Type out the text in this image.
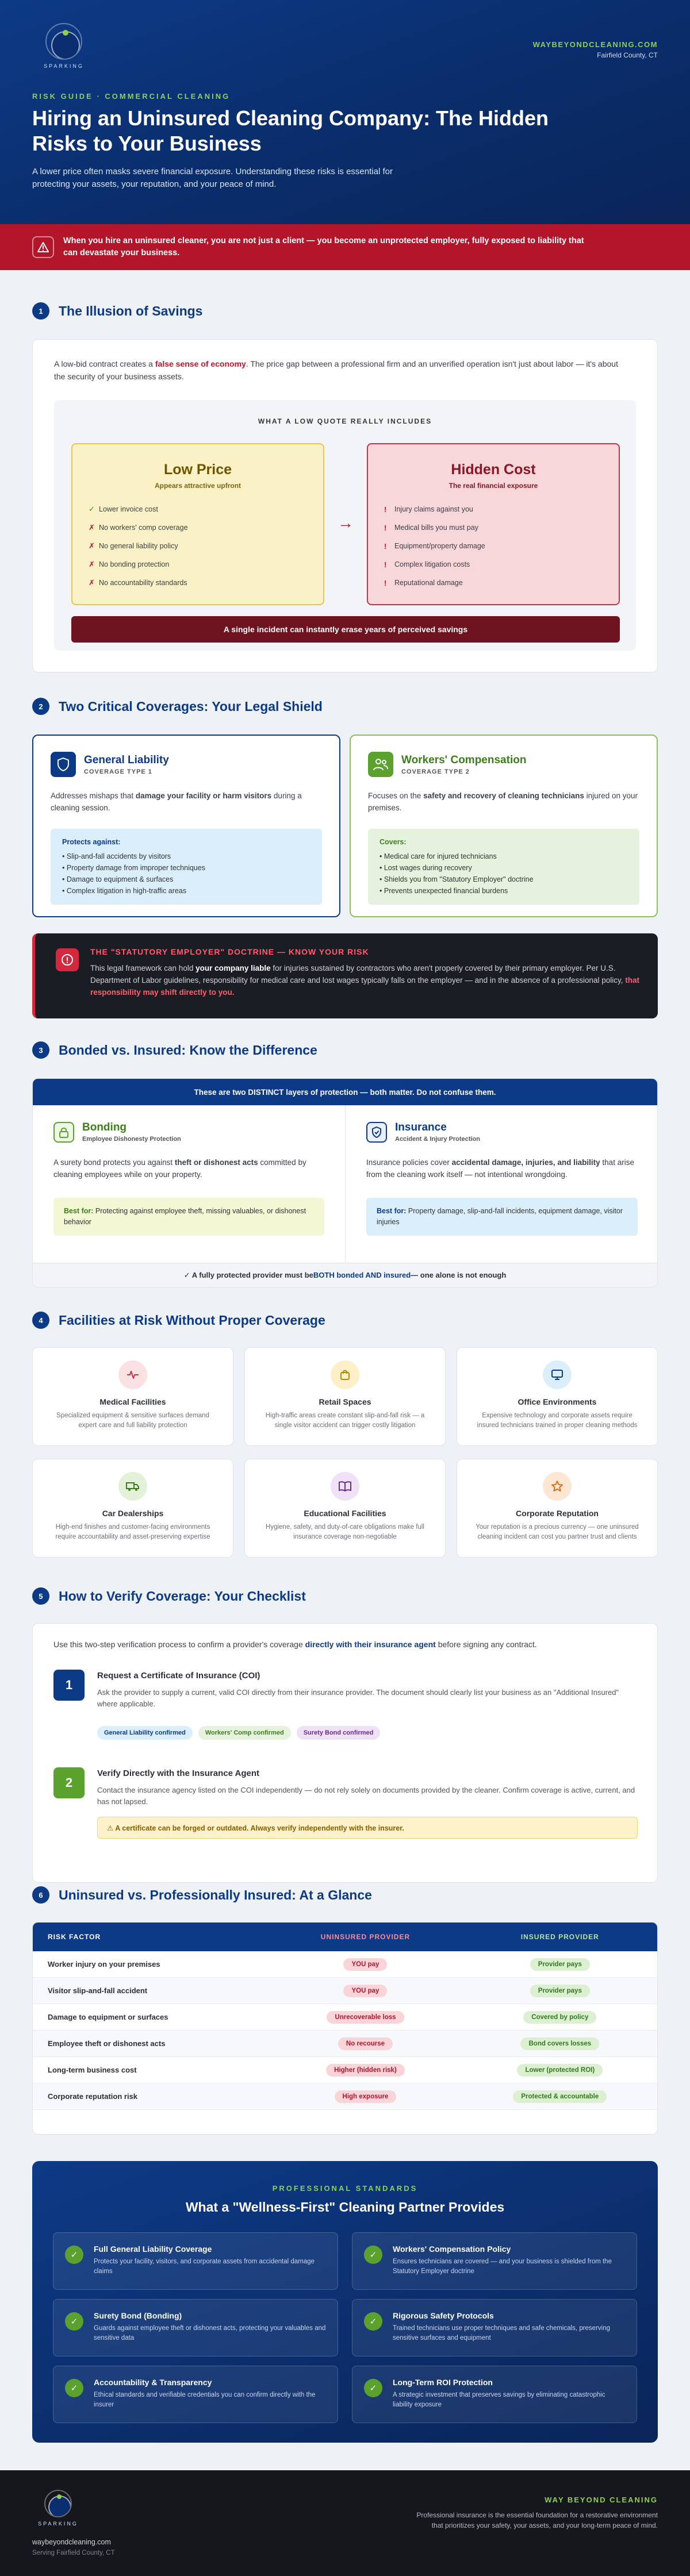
SPARKING
WAYBEYONDCLEANING.COM
Fairfield County, CT
RISK GUIDE · COMMERCIAL CLEANING
Hiring an Uninsured Cleaning Company: The Hidden Risks to Your Business
A lower price often masks severe financial exposure. Understanding these risks is essential for protecting your assets, your reputation, and your peace of mind.
When you hire an uninsured cleaner, you are not just a client — you become an unprotected employer, fully exposed to liability that can devastate your business.
1	The Illusion of Savings
A low-bid contract creates a false sense of economy. The price gap between a professional firm and an unverified operation isn't just about labor — it's about the security of your business assets.
WHAT A LOW QUOTE REALLY INCLUDES
Low Price
Appears attractive upfront
✓ Lower invoice cost
✗ No workers' comp coverage
✗ No general liability policy
✗ No bonding protection
✗ No accountability standards
→
Hidden Cost
The real financial exposure
!	Injury claims against you
!	Medical bills you must pay
!	Equipment/property damage
!	Complex litigation costs
!	Reputational damage
A single incident can instantly erase years of perceived savings
2	Two Critical Coverages: Your Legal Shield
General Liability
COVERAGE TYPE 1
Addresses mishaps that damage your facility or harm visitors during a cleaning session.
Protects against:
• Slip-and-fall accidents by visitors
• Property damage from improper techniques
• Damage to equipment & surfaces
• Complex litigation in high-traffic areas
Workers' Compensation
COVERAGE TYPE 2
Focuses on the safety and recovery of cleaning technicians injured on your premises.
Covers:
• Medical care for injured technicians
• Lost wages during recovery
• Shields you from "Statutory Employer" doctrine
• Prevents unexpected financial burdens
THE "STATUTORY EMPLOYER" DOCTRINE — KNOW YOUR RISK
This legal framework can hold your company liable for injuries sustained by contractors who aren't properly covered by their primary employer. Per U.S. Department of Labor guidelines, responsibility for medical care and lost wages typically falls on the employer — and in the absence of a professional policy, that responsibility may shift directly to you.
3	Bonded vs. Insured: Know the Difference
These are two DISTINCT layers of protection — both matter. Do not confuse them.
Bonding
Employee Dishonesty Protection
A surety bond protects you against theft or dishonest acts committed by cleaning employees while on your property.
Best for: Protecting against employee theft, missing valuables, or dishonest behavior
Insurance
Accident & Injury Protection
Insurance policies cover accidental damage, injuries, and liability that arise from the cleaning work itself — not intentional wrongdoing.
Best for: Property damage, slip-and-fall incidents, equipment damage, visitor injuries
✓ A fully protected provider must be BOTH bonded AND insured — one alone is not enough
4	Facilities at Risk Without Proper Coverage
Medical Facilities
Specialized equipment & sensitive surfaces demand expert care and full liability protection
Retail Spaces
High-traffic areas create constant slip-and-fall risk — a single visitor accident can trigger costly litigation
Office Environments
Expensive technology and corporate assets require insured technicians trained in proper cleaning methods
Car Dealerships
High-end finishes and customer-facing environments require accountability and asset-preserving expertise
Educational Facilities
Hygiene, safety, and duty-of-care obligations make full insurance coverage non-negotiable
Corporate Reputation
Your reputation is a precious currency — one uninsured cleaning incident can cost you partner trust and clients
5	How to Verify Coverage: Your Checklist
Use this two-step verification process to confirm a provider's coverage directly with their insurance agent before signing any contract.
1
Request a Certificate of Insurance (COI)
Ask the provider to supply a current, valid COI directly from their insurance provider. The document should clearly list your business as an "Additional Insured" where applicable.
General Liability confirmed	Workers' Comp confirmed	Surety Bond confirmed
2
Verify Directly with the Insurance Agent
Contact the insurance agency listed on the COI independently — do not rely solely on documents provided by the cleaner. Confirm coverage is active, current, and has not lapsed.
⚠ A certificate can be forged or outdated. Always verify independently with the insurer.
6	Uninsured vs. Professionally Insured: At a Glance
RISK FACTOR	UNINSURED PROVIDER	INSURED PROVIDER
Worker injury on your premises	YOU pay	Provider pays
Visitor slip-and-fall accident	YOU pay	Provider pays
Damage to equipment or surfaces	Unrecoverable loss	Covered by policy
Employee theft or dishonest acts	No recourse	Bond covers losses
Long-term business cost	Higher (hidden risk)	Lower (protected ROI)
Corporate reputation risk	High exposure	Protected & accountable
PROFESSIONAL STANDARDS
What a "Wellness-First" Cleaning Partner Provides
✓
Full General Liability Coverage
Protects your facility, visitors, and corporate assets from accidental damage claims
✓
Workers' Compensation Policy
Ensures technicians are covered — and your business is shielded from the Statutory Employer doctrine
✓
Surety Bond (Bonding)
Guards against employee theft or dishonest acts, protecting your valuables and sensitive data
✓
Rigorous Safety Protocols
Trained technicians use proper techniques and safe chemicals, preserving sensitive surfaces and equipment
✓
Accountability & Transparency
Ethical standards and verifiable credentials you can confirm directly with the insurer
✓
Long-Term ROI Protection
A strategic investment that preserves savings by eliminating catastrophic liability exposure
SPARKING
waybeyondcleaning.com
Serving Fairfield County, CT
WAY BEYOND CLEANING
Professional insurance is the essential foundation for a restorative environment that prioritizes your safety, your assets, and your long-term peace of mind.
